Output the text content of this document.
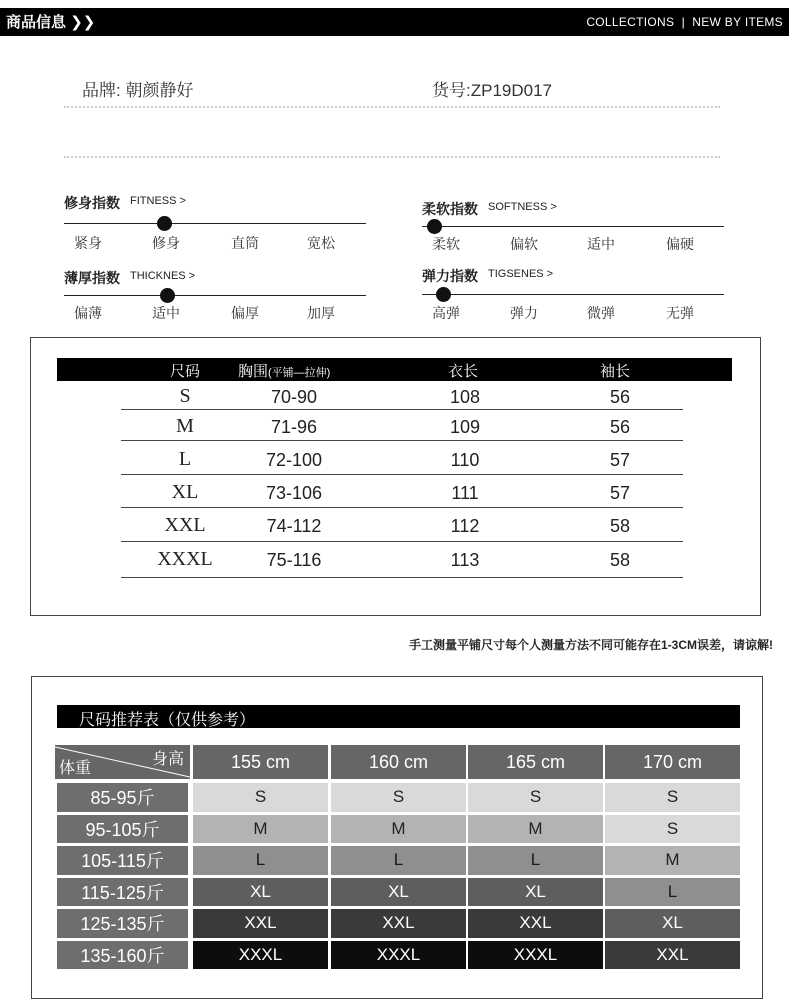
商品信息 ❯❯	COLLECTIONS  |  NEW BY ITEMS
品牌: 朝颜静好	货号:ZP19D017
修身指数 FITNESS >
紧身	修身	直筒	宽松
柔软指数 SOFTNESS >
柔软	偏软	适中	偏硬
薄厚指数 THICKNES >
偏薄	适中	偏厚	加厚
弹力指数 TIGSENES >
高弹	弹力	微弹	无弹
尺码	胸围(平铺—拉伸)	衣长	袖长
S	70-90	108	56
M	71-96	109	56
L	72-100	110	57
XL	73-106	111	57
XXL	74-112	112	58
XXXL	75-116	113	58
手工测量平铺尺寸每个人测量方法不同可能存在1-3CM误差，请谅解!
尺码推荐表（仅供参考）
身高
体重	155 cm	160 cm	165 cm	170 cm
85-95斤	S	S	S	S
95-105斤	M	M	M	S
105-115斤	L	L	L	M
115-125斤	XL	XL	XL	L
125-135斤	XXL	XXL	XXL	XL
135-160斤	XXXL	XXXL	XXXL	XXL
